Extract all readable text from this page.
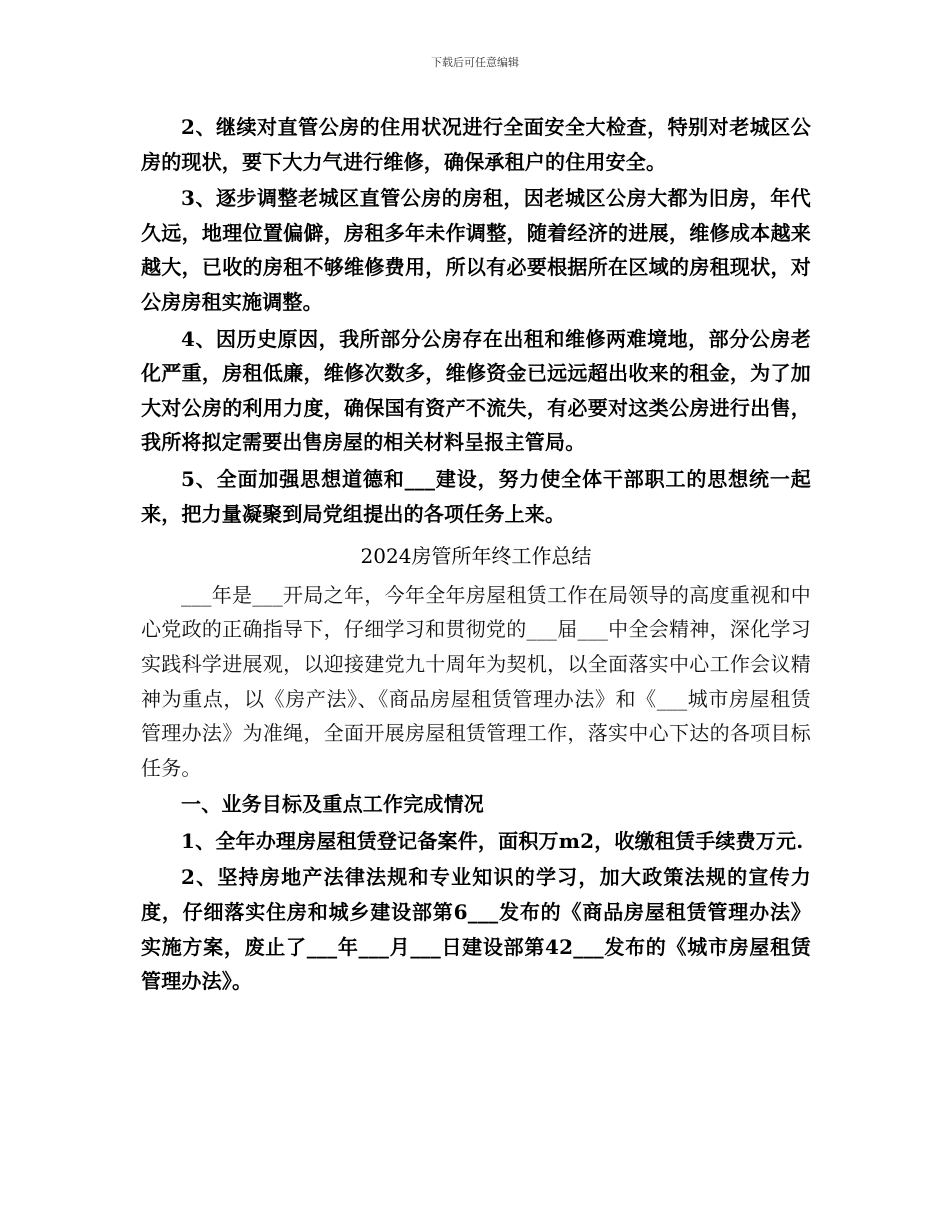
下载后可任意编辑

2、继续对直管公房的住用状况进行全面安全大检查，特别对老城区公房的现状，要下大力气进行维修，确保承租户的住用安全。

3、逐步调整老城区直管公房的房租，因老城区公房大都为旧房，年代久远，地理位置偏僻，房租多年未作调整，随着经济的进展，维修成本越来越大，已收的房租不够维修费用，所以有必要根据所在区域的房租现状，对公房房租实施调整。

4、因历史原因，我所部分公房存在出租和维修两难境地，部分公房老化严重，房租低廉，维修次数多，维修资金已远远超出收来的租金，为了加大对公房的利用力度，确保国有资产不流失，有必要对这类公房进行出售，我所将拟定需要出售房屋的相关材料呈报主管局。

5、全面加强思想道德和___建设，努力使全体干部职工的思想统一起来，把力量凝聚到局党组提出的各项任务上来。

2024房管所年终工作总结

___年是___开局之年，今年全年房屋租赁工作在局领导的高度重视和中心党政的正确指导下，仔细学习和贯彻党的___届___中全会精神，深化学习实践科学进展观，以迎接建党九十周年为契机，以全面落实中心工作会议精神为重点，以《房产法》、《商品房屋租赁管理办法》和《___城市房屋租赁管理办法》为准绳，全面开展房屋租赁管理工作，落实中心下达的各项目标任务。

一、业务目标及重点工作完成情况

1、全年办理房屋租赁登记备案件，面积万m2，收缴租赁手续费万元.

2、坚持房地产法律法规和专业知识的学习，加大政策法规的宣传力度，仔细落实住房和城乡建设部第6___发布的《商品房屋租赁管理办法》实施方案，废止了___年___月___日建设部第42___发布的《城市房屋租赁管理办法》。
